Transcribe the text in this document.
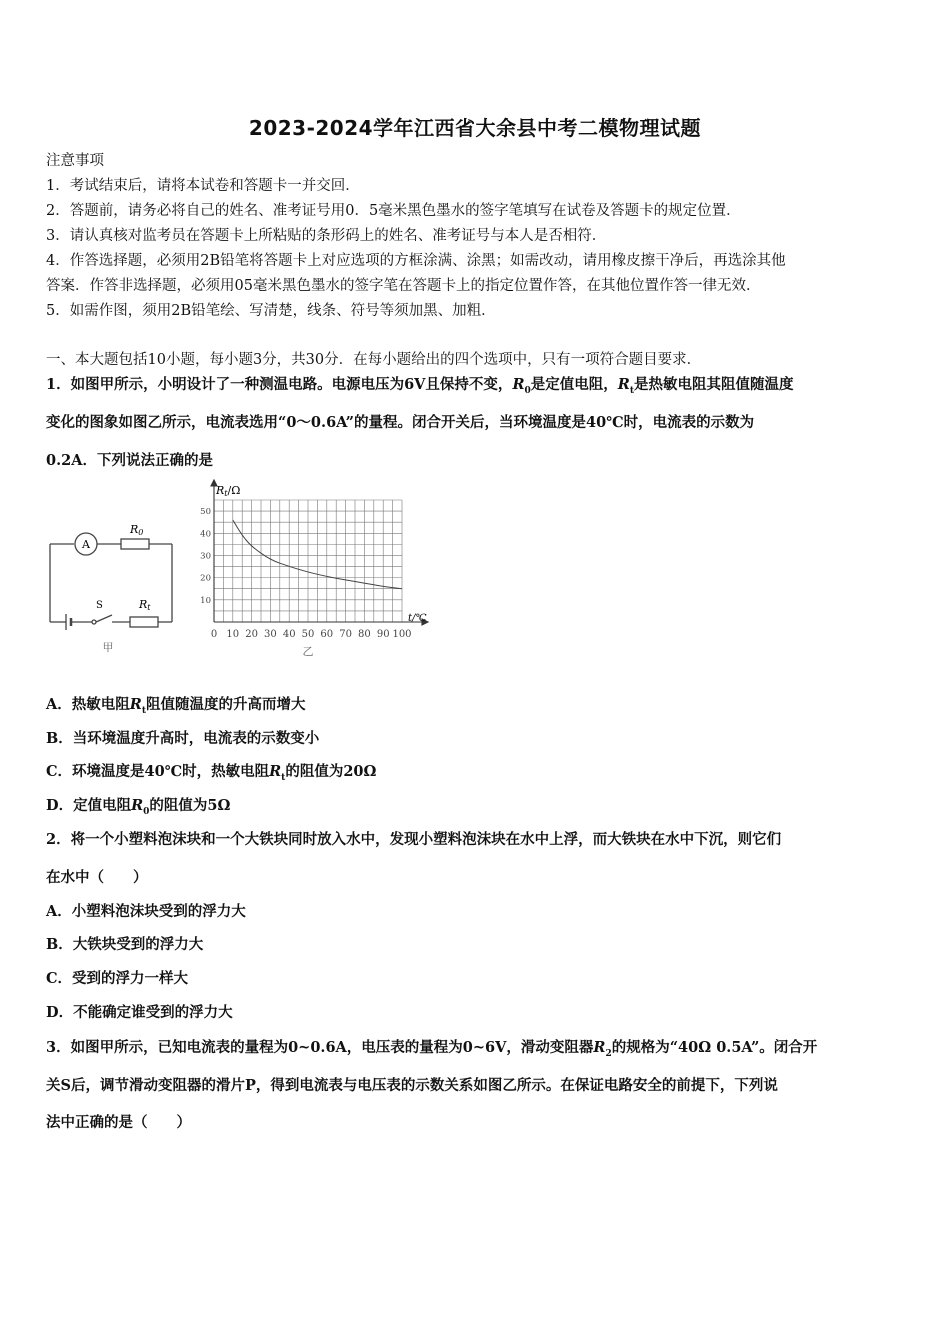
2023-2024学年江西省大余县中考二模物理试题
注意事项
1．考试结束后，请将本试卷和答题卡一并交回．
2．答题前，请务必将自己的姓名、准考证号用0．5毫米黑色墨水的签字笔填写在试卷及答题卡的规定位置．
3．请认真核对监考员在答题卡上所粘贴的条形码上的姓名、准考证号与本人是否相符．
4．作答选择题，必须用2B铅笔将答题卡上对应选项的方框涂满、涂黑；如需改动，请用橡皮擦干净后，再选涂其他
答案．作答非选择题，必须用05毫米黑色墨水的签字笔在答题卡上的指定位置作答，在其他位置作答一律无效．
5．如需作图，须用2B铅笔绘、写清楚，线条、符号等须加黑、加粗．
一、本大题包括10小题，每小题3分，共30分．在每小题给出的四个选项中，只有一项符合题目要求．
1．如图甲所示，小明设计了一种测温电路。电源电压为6V且保持不变，$R_0$是定值电阻，$R_t$是热敏电阻其阻值随温度
变化的图象如图乙所示，电流表选用“0～0.6A”的量程。闭合开关后，当环境温度是40℃时，电流表的示数为
0.2A．下列说法正确的是
A
R0
S	Rt
甲
0 10 20 30 40 50 60 70 80 90 100
10
20
30
40
50
Rt/Ω
t/℃
乙
A．热敏电阻$R_t$阻值随温度的升高而增大
B．当环境温度升高时，电流表的示数变小
C．环境温度是40℃时，热敏电阻$R_t$的阻值为20Ω
D．定值电阻$R_0$的阻值为5Ω
2．将一个小塑料泡沫块和一个大铁块同时放入水中，发现小塑料泡沫块在水中上浮，而大铁块在水中下沉，则它们
在水中（　　）
A．小塑料泡沫块受到的浮力大
B．大铁块受到的浮力大
C．受到的浮力一样大
D．不能确定谁受到的浮力大
3．如图甲所示，已知电流表的量程为0~0.6A，电压表的量程为0~6V，滑动变阻器$R_2$的规格为“40Ω 0.5A”。闭合开
关S后，调节滑动变阻器的滑片P，得到电流表与电压表的示数关系如图乙所示。在保证电路安全的前提下，下列说
法中正确的是（　　）
